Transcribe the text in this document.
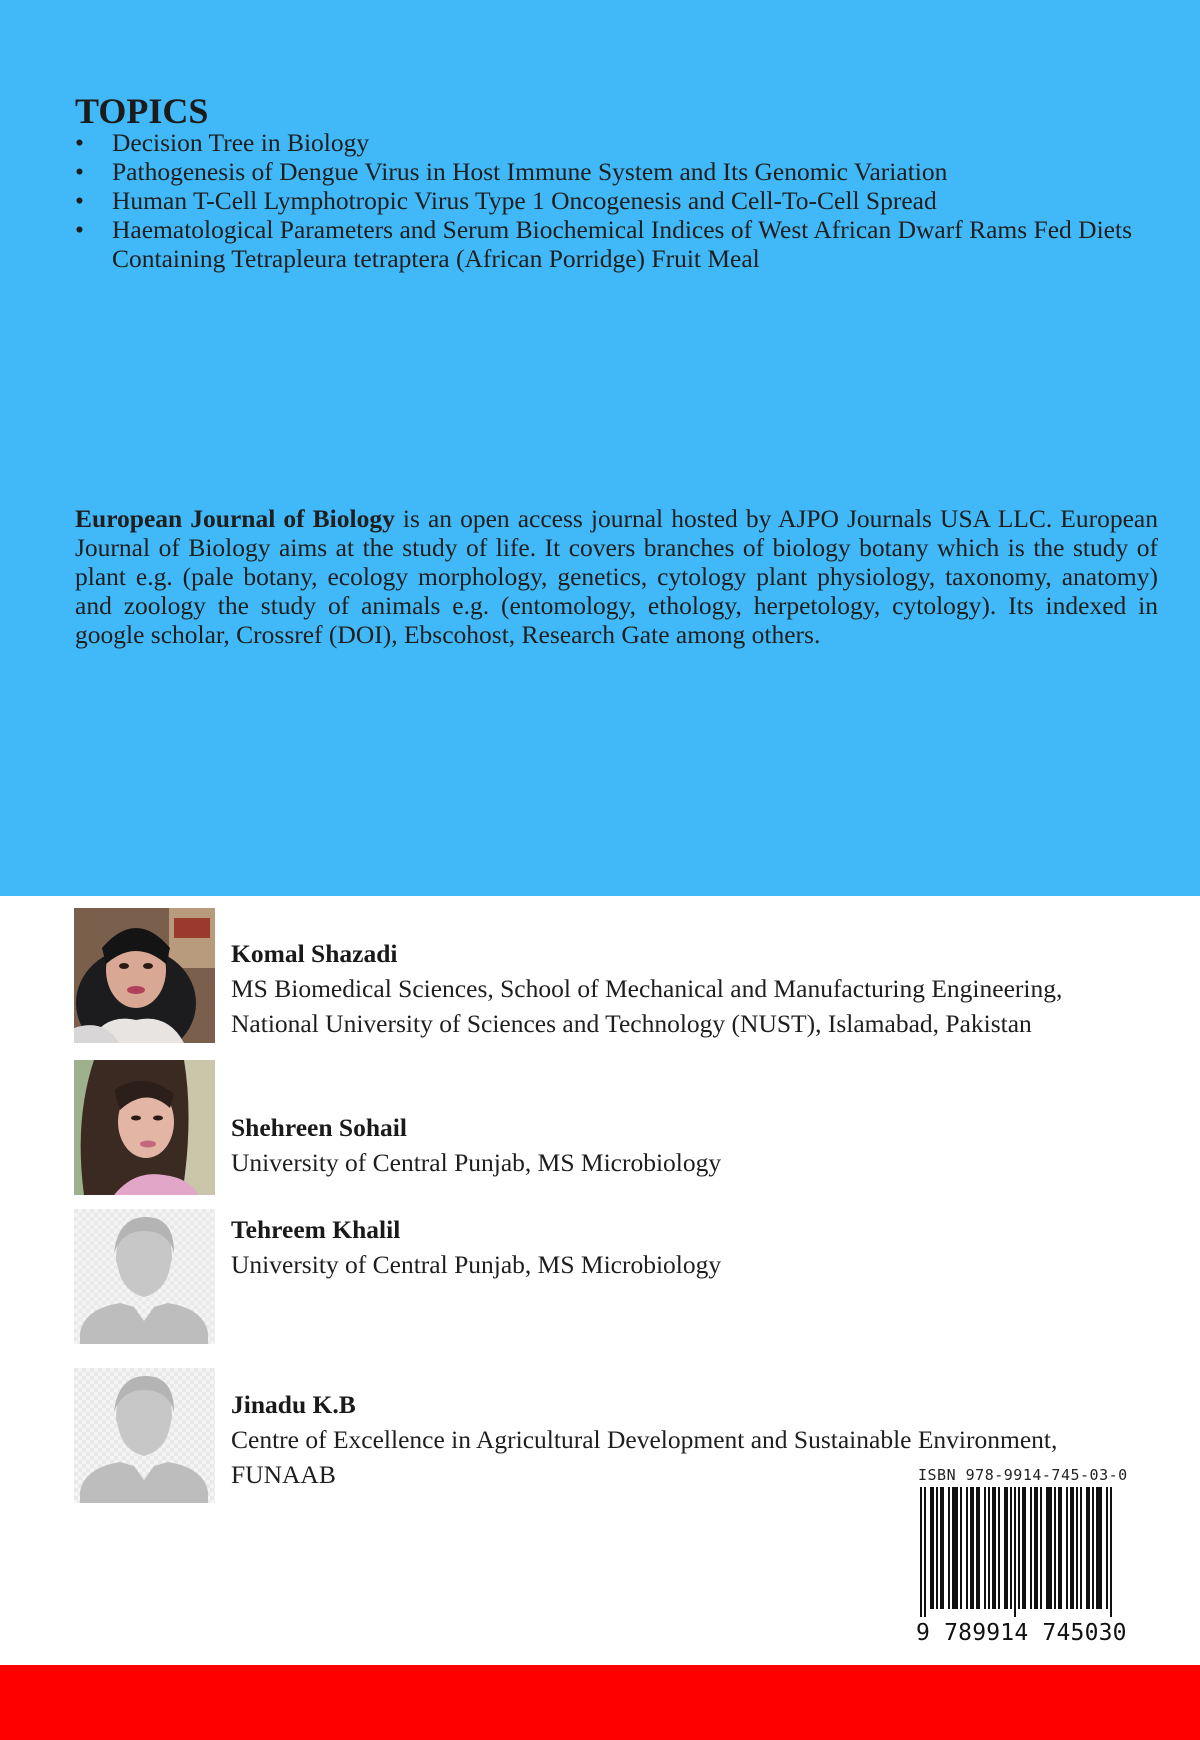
TOPICS
• Decision Tree in Biology
• Pathogenesis of Dengue Virus in Host Immune System and Its Genomic Variation
• Human T-Cell Lymphotropic Virus Type 1 Oncogenesis and Cell-To-Cell Spread
• Haematological Parameters and Serum Biochemical Indices of West African Dwarf Rams Fed Diets Containing Tetrapleura tetraptera (African Porridge) Fruit Meal

European Journal of Biology is an open access journal hosted by AJPO Journals USA LLC. European Journal of Biology aims at the study of life. It covers branches of biology botany which is the study of plant e.g. (pale botany, ecology morphology, genetics, cytology plant physiology, taxonomy, anatomy) and zoology the study of animals e.g. (entomology, ethology, herpetology, cytology). Its indexed in google scholar, Crossref (DOI), Ebscohost, Research Gate among others.

Komal Shazadi
MS Biomedical Sciences, School of Mechanical and Manufacturing Engineering, National University of Sciences and Technology (NUST), Islamabad, Pakistan
Shehreen Sohail
University of Central Punjab, MS Microbiology
Tehreem Khalil
University of Central Punjab, MS Microbiology
Jinadu K.B
Centre of Excellence in Agricultural Development and Sustainable Environment, FUNAAB	ISBN 978-9914-745-03-0
9 789914 745030
